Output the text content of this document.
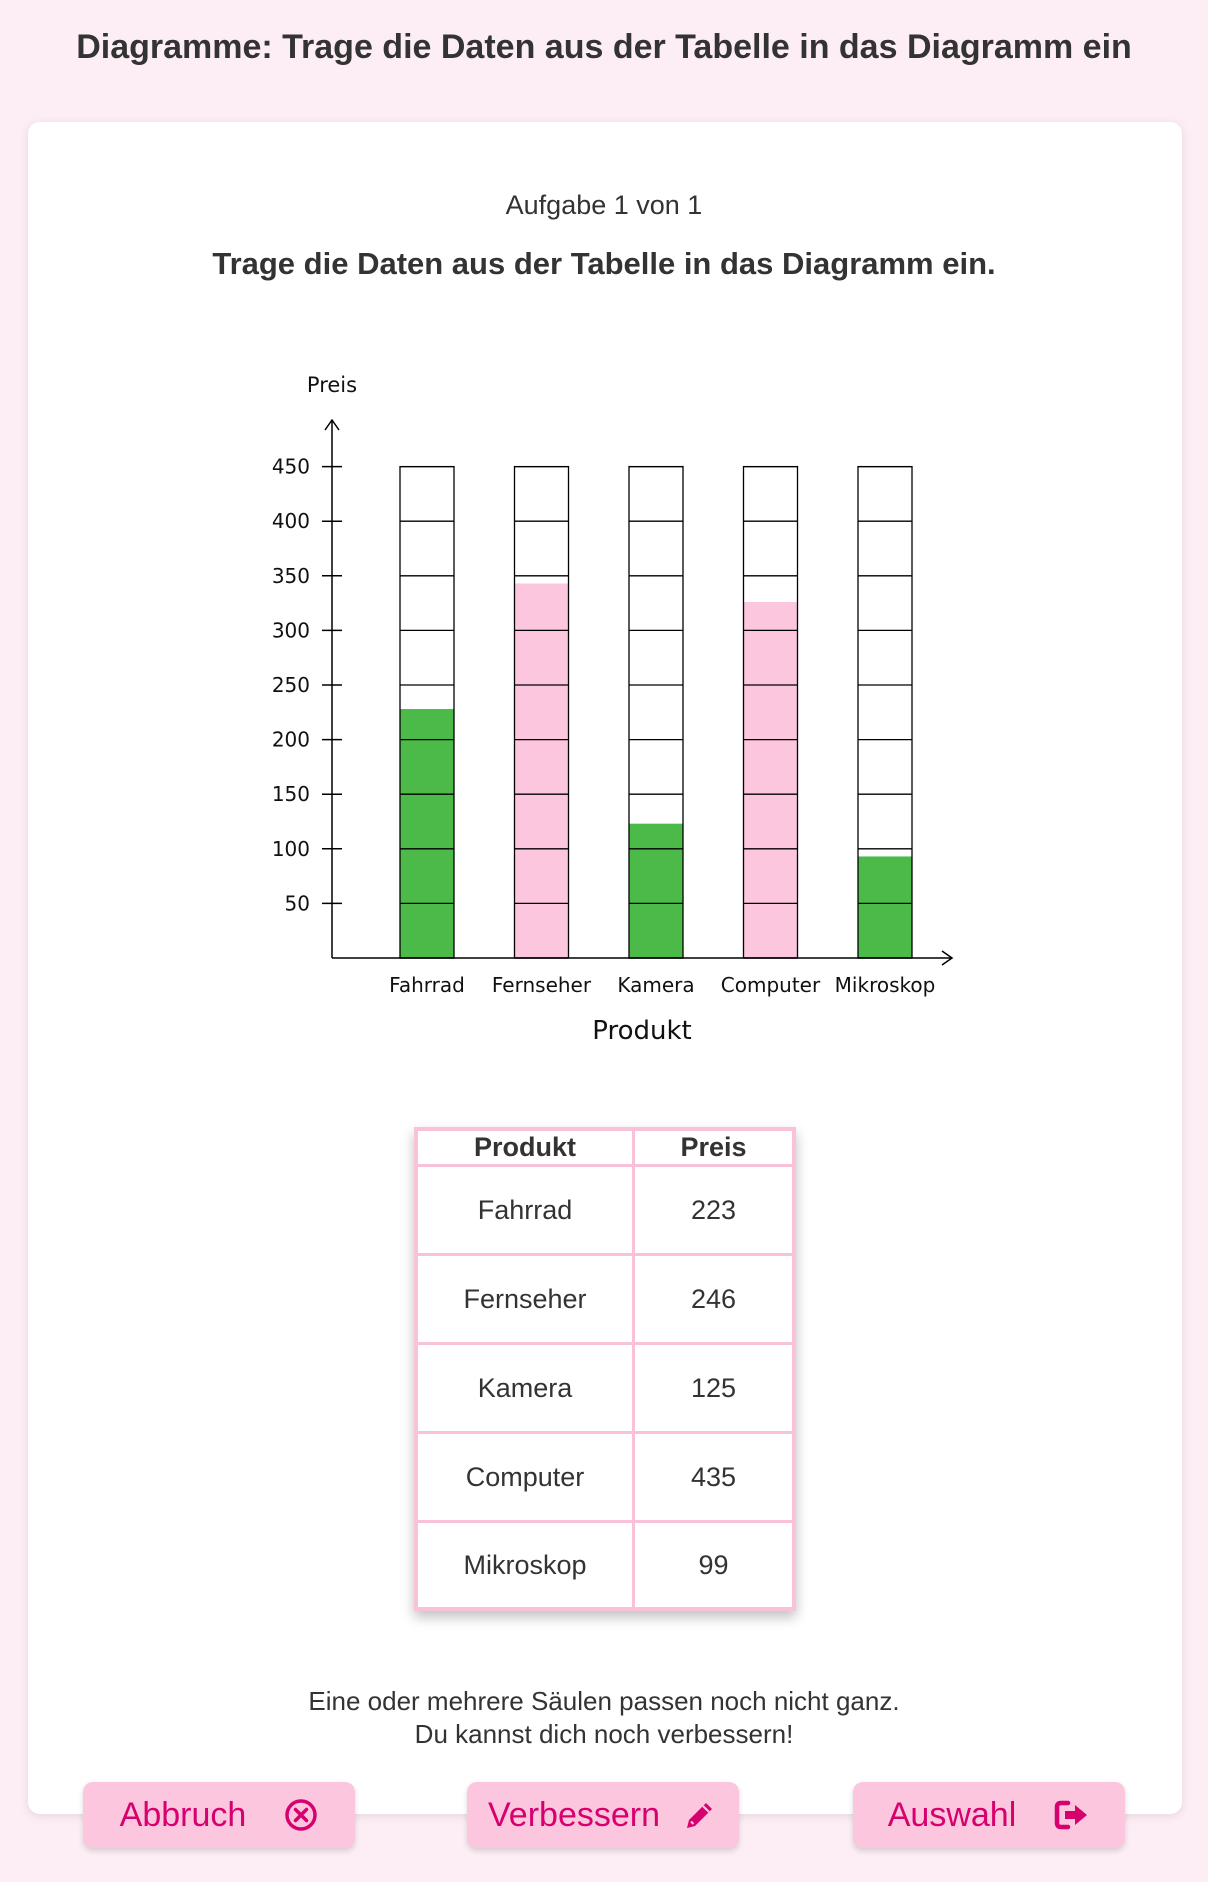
Diagramme: Trage die Daten aus der Tabelle in das Diagramm ein
Aufgabe 1 von 1
Trage die Daten aus der Tabelle in das Diagramm ein.
Fahrrad Fernseher Kamera Computer Mikroskop
50
100
150
200
250
300
350
400
450
Preis
Produkt
Produkt	Preis
Fahrrad	223
Fernseher	246
Kamera	125
Computer	435
Mikroskop	99
Eine oder mehrere Säulen passen noch nicht ganz.
Du kannst dich noch verbessern!
Abbruch	Verbessern	Auswahl
